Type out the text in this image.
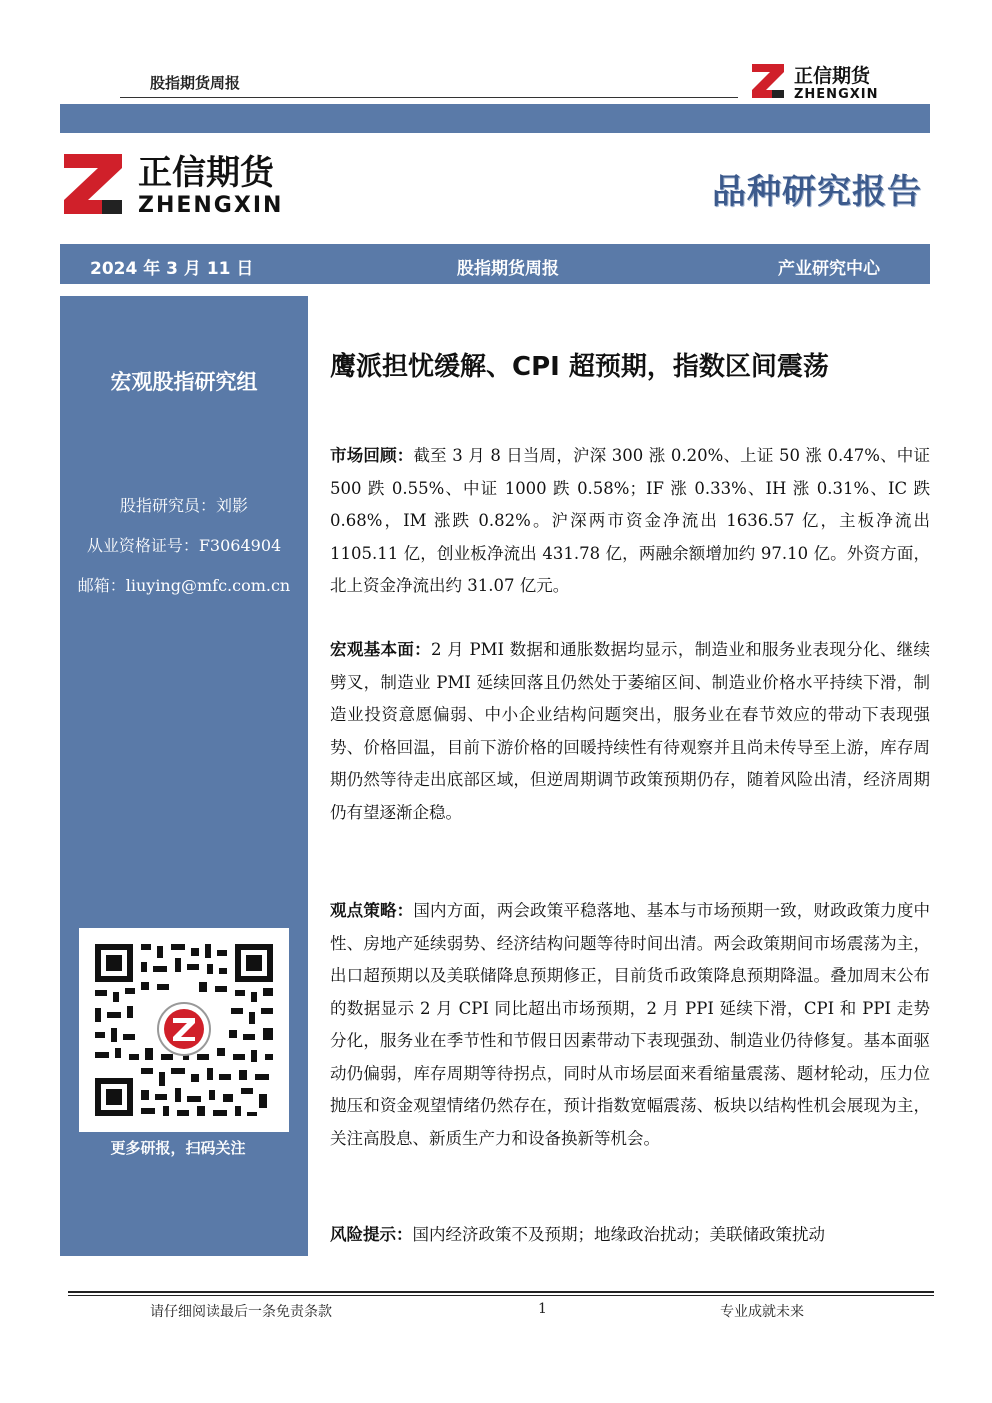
股指期货周报	正信期货
ZHENGXIN
正信期货
ZHENGXIN	品种研究报告
2024 年 3 月 11 日	股指期货周报	产业研究中心
宏观股指研究组
股指研究员：刘影
从业资格证号：F3064904
邮箱：liuying@mfc.com.cn
更多研报，扫码关注
鹰派担忧缓解、CPI 超预期，指数区间震荡
市场回顾：截至 3 月 8 日当周，沪深 300 涨 0.20%、上证 50 涨 0.47%、中证 500 跌 0.55%、中证 1000 跌 0.58%；IF 涨 0.33%、IH 涨 0.31%、IC 跌 0.68%，IM 涨跌 0.82%。沪深两市资金净流出 1636.57 亿，主板净流出 1105.11 亿，创业板净流出 431.78 亿，两融余额增加约 97.10 亿。外资方面，北上资金净流出约 31.07 亿元。
宏观基本面：2 月 PMI 数据和通胀数据均显示，制造业和服务业表现分化、继续劈叉，制造业 PMI 延续回落且仍然处于萎缩区间、制造业价格水平持续下滑，制造业投资意愿偏弱、中小企业结构问题突出，服务业在春节效应的带动下表现强势、价格回温，目前下游价格的回暖持续性有待观察并且尚未传导至上游，库存周期仍然等待走出底部区域，但逆周期调节政策预期仍存，随着风险出清，经济周期仍有望逐渐企稳。
观点策略：国内方面，两会政策平稳落地、基本与市场预期一致，财政政策力度中性、房地产延续弱势、经济结构问题等待时间出清。两会政策期间市场震荡为主，出口超预期以及美联储降息预期修正，目前货币政策降息预期降温。叠加周末公布的数据显示 2 月 CPI 同比超出市场预期，2 月 PPI 延续下滑，CPI 和 PPI 走势分化，服务业在季节性和节假日因素带动下表现强劲、制造业仍待修复。基本面驱动仍偏弱，库存周期等待拐点，同时从市场层面来看缩量震荡、题材轮动，压力位抛压和资金观望情绪仍然存在，预计指数宽幅震荡、板块以结构性机会展现为主，关注高股息、新质生产力和设备换新等机会。
风险提示：国内经济政策不及预期；地缘政治扰动；美联储政策扰动
请仔细阅读最后一条免责条款	1	专业成就未来
